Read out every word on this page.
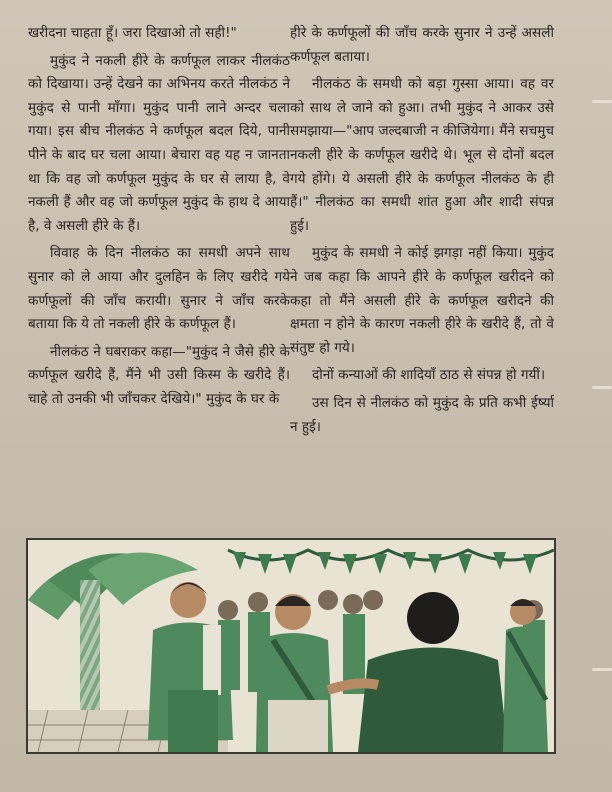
खरीदना चाहता हूँ। जरा दिखाओ तो सही!"

मुकुंद ने नकली हीरे के कर्णफूल लाकर नीलकंठ को दिखाया। उन्हें देखने का अभिनय करते नीलकंठ ने मुकुंद से पानी माँगा। मुकुंद पानी लाने अन्दर चला गया। इस बीच नीलकंठ ने कर्णफूल बदल दिये, पानी पीने के बाद घर चला आया। बेचारा वह यह न जानता था कि वह जो कर्णफूल मुकुंद के घर से लाया है, वे नकली हैं और वह जो कर्णफूल मुकुंद के हाथ दे आया है, वे असली हीरे के हैं।

विवाह के दिन नीलकंठ का समधी अपने साथ सुनार को ले आया और दुलहिन के लिए खरीदे गये कर्णफूलों की जाँच करायी। सुनार ने जाँच करके बताया कि ये तो नकली हीरे के कर्णफूल हैं।

नीलकंठ ने घबराकर कहा—"मुकुंद ने जैसे हीरे के कर्णफूल खरीदे हैं, मैंने भी उसी किस्म के खरीदे हैं। चाहे तो उनकी भी जाँचकर देखिये।" मुकुंद के घर के

हीरे के कर्णफूलों की जाँच करके सुनार ने उन्हें असली कर्णफूल बताया।

नीलकंठ के समधी को बड़ा गुस्सा आया। वह वर को साथ ले जाने को हुआ। तभी मुकुंद ने आकर उसे समझाया—"आप जल्दबाजी न कीजियेगा। मैंने सचमुच नकली हीरे के कर्णफूल खरीदे थे। भूल से दोनों बदल गये होंगे। ये असली हीरे के कर्णफूल नीलकंठ के ही हैं।" नीलकंठ का समधी शांत हुआ और शादी संपन्न हुई।

मुकुंद के समधी ने कोई झगड़ा नहीं किया। मुकुंद ने जब कहा कि आपने हीरे के कर्णफूल खरीदने को कहा तो मैंने असली हीरे के कर्णफूल खरीदने की क्षमता न होने के कारण नकली हीरे के खरीदे हैं, तो वे संतुष्ट हो गये।

दोनों कन्याओं की शादियाँ ठाठ से संपन्न हो गयीं।

उस दिन से नीलकंठ को मुकुंद के प्रति कभी ईर्ष्या न हुई।
